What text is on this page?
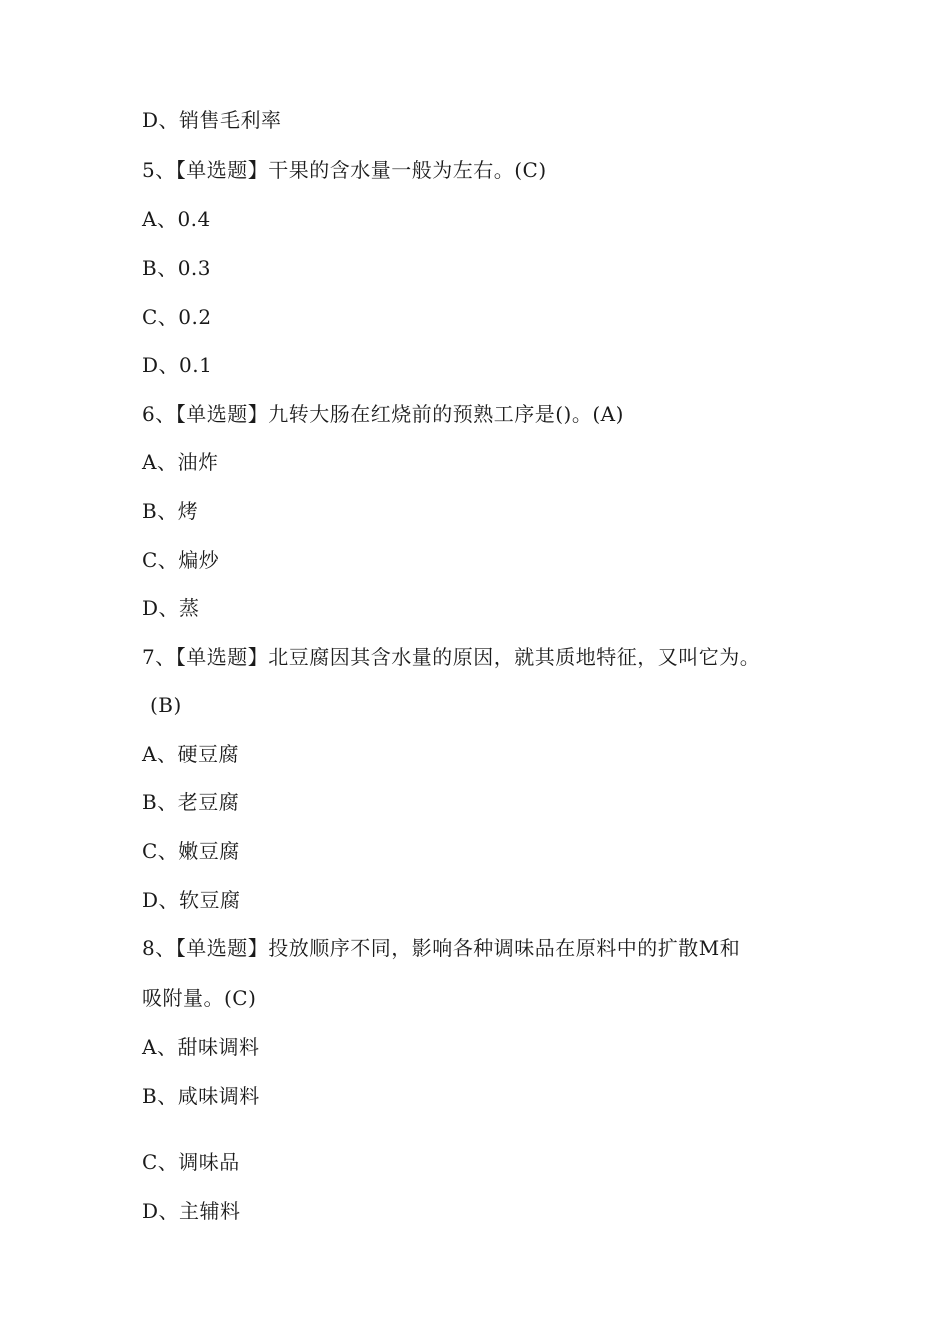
D、销售毛利率
5、【单选题】干果的含水量一般为左右。(C)
A、0.4
B、0.3
C、0.2
D、0.1
6、【单选题】九转大肠在红烧前的预熟工序是()。(A)
A、油炸
B、烤
C、煸炒
D、蒸
7、【单选题】北豆腐因其含水量的原因，就其质地特征，又叫它为。
(B)
A、硬豆腐
B、老豆腐
C、嫩豆腐
D、软豆腐
8、【单选题】投放顺序不同，影响各种调味品在原料中的扩散M和
吸附量。(C)
A、甜味调料
B、咸味调料
C、调味品
D、主辅料
